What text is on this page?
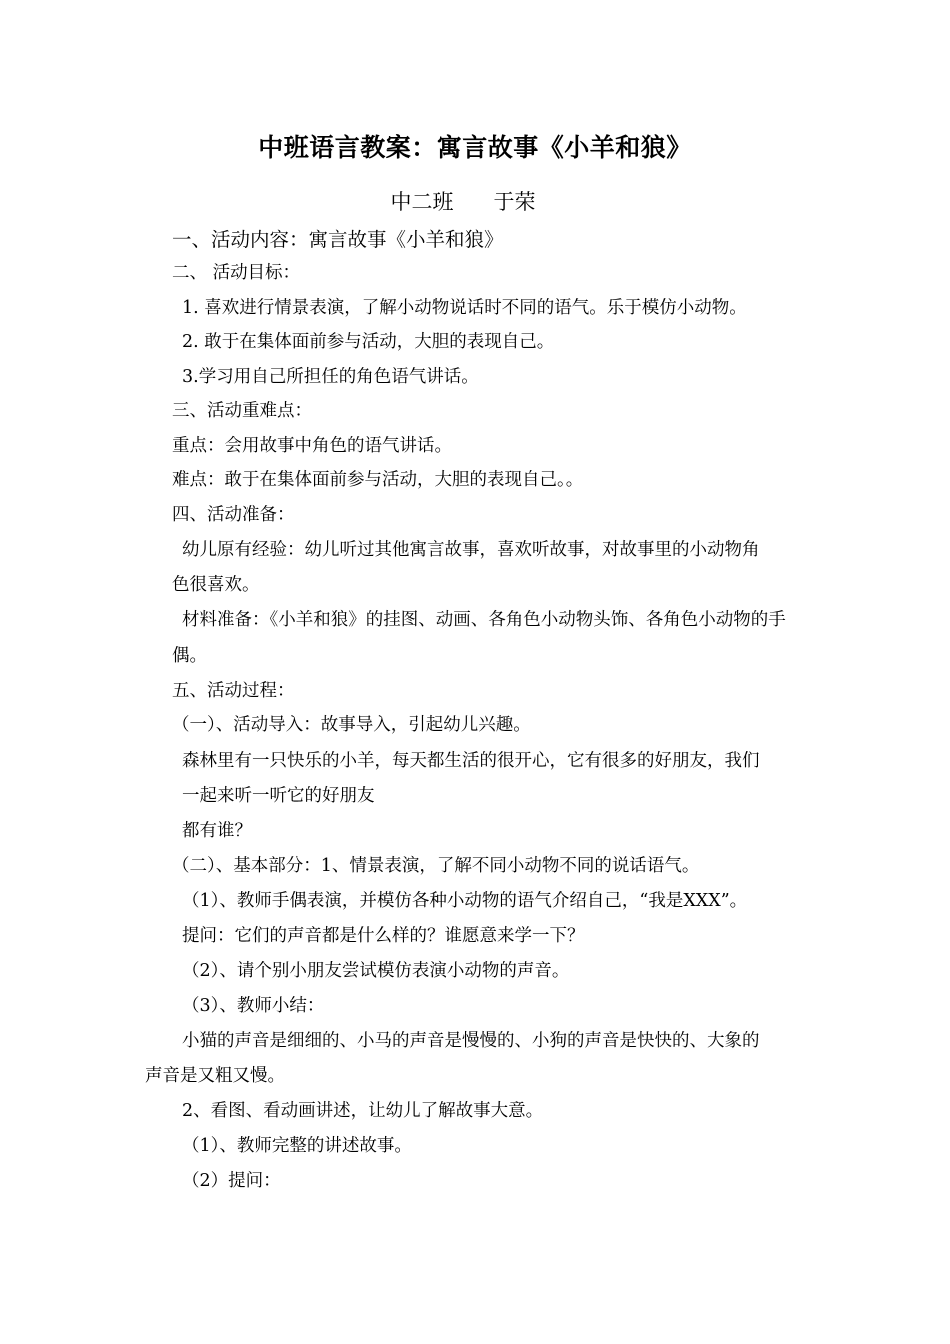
中班语言教案：寓言故事《小羊和狼》
中二班      于荣
一、活动内容：寓言故事《小羊和狼》
二、 活动目标：
1. 喜欢进行情景表演，了解小动物说话时不同的语气。乐于模仿小动物。
2. 敢于在集体面前参与活动，大胆的表现自己。
3.学习用自己所担任的角色语气讲话。
三、活动重难点：
重点：会用故事中角色的语气讲话。
难点：敢于在集体面前参与活动，大胆的表现自己。。
四、活动准备：
幼儿原有经验：幼儿听过其他寓言故事，喜欢听故事，对故事里的小动物角
色很喜欢。
材料准备：《小羊和狼》的挂图、动画、各角色小动物头饰、各角色小动物的手
偶。
五、活动过程：
（一）、活动导入：故事导入，引起幼儿兴趣。
森林里有一只快乐的小羊，每天都生活的很开心，它有很多的好朋友，我们
一起来听一听它的好朋友
都有谁？
（二）、基本部分：1、情景表演，了解不同小动物不同的说话语气。
（1）、教师手偶表演，并模仿各种小动物的语气介绍自己，“我是XXX”。
提问：它们的声音都是什么样的？谁愿意来学一下？
（2）、请个别小朋友尝试模仿表演小动物的声音。
（3）、教师小结：
小猫的声音是细细的、小马的声音是慢慢的、小狗的声音是快快的、大象的
声音是又粗又慢。
2、看图、看动画讲述，让幼儿了解故事大意。
（1）、教师完整的讲述故事。
（2）提问：
